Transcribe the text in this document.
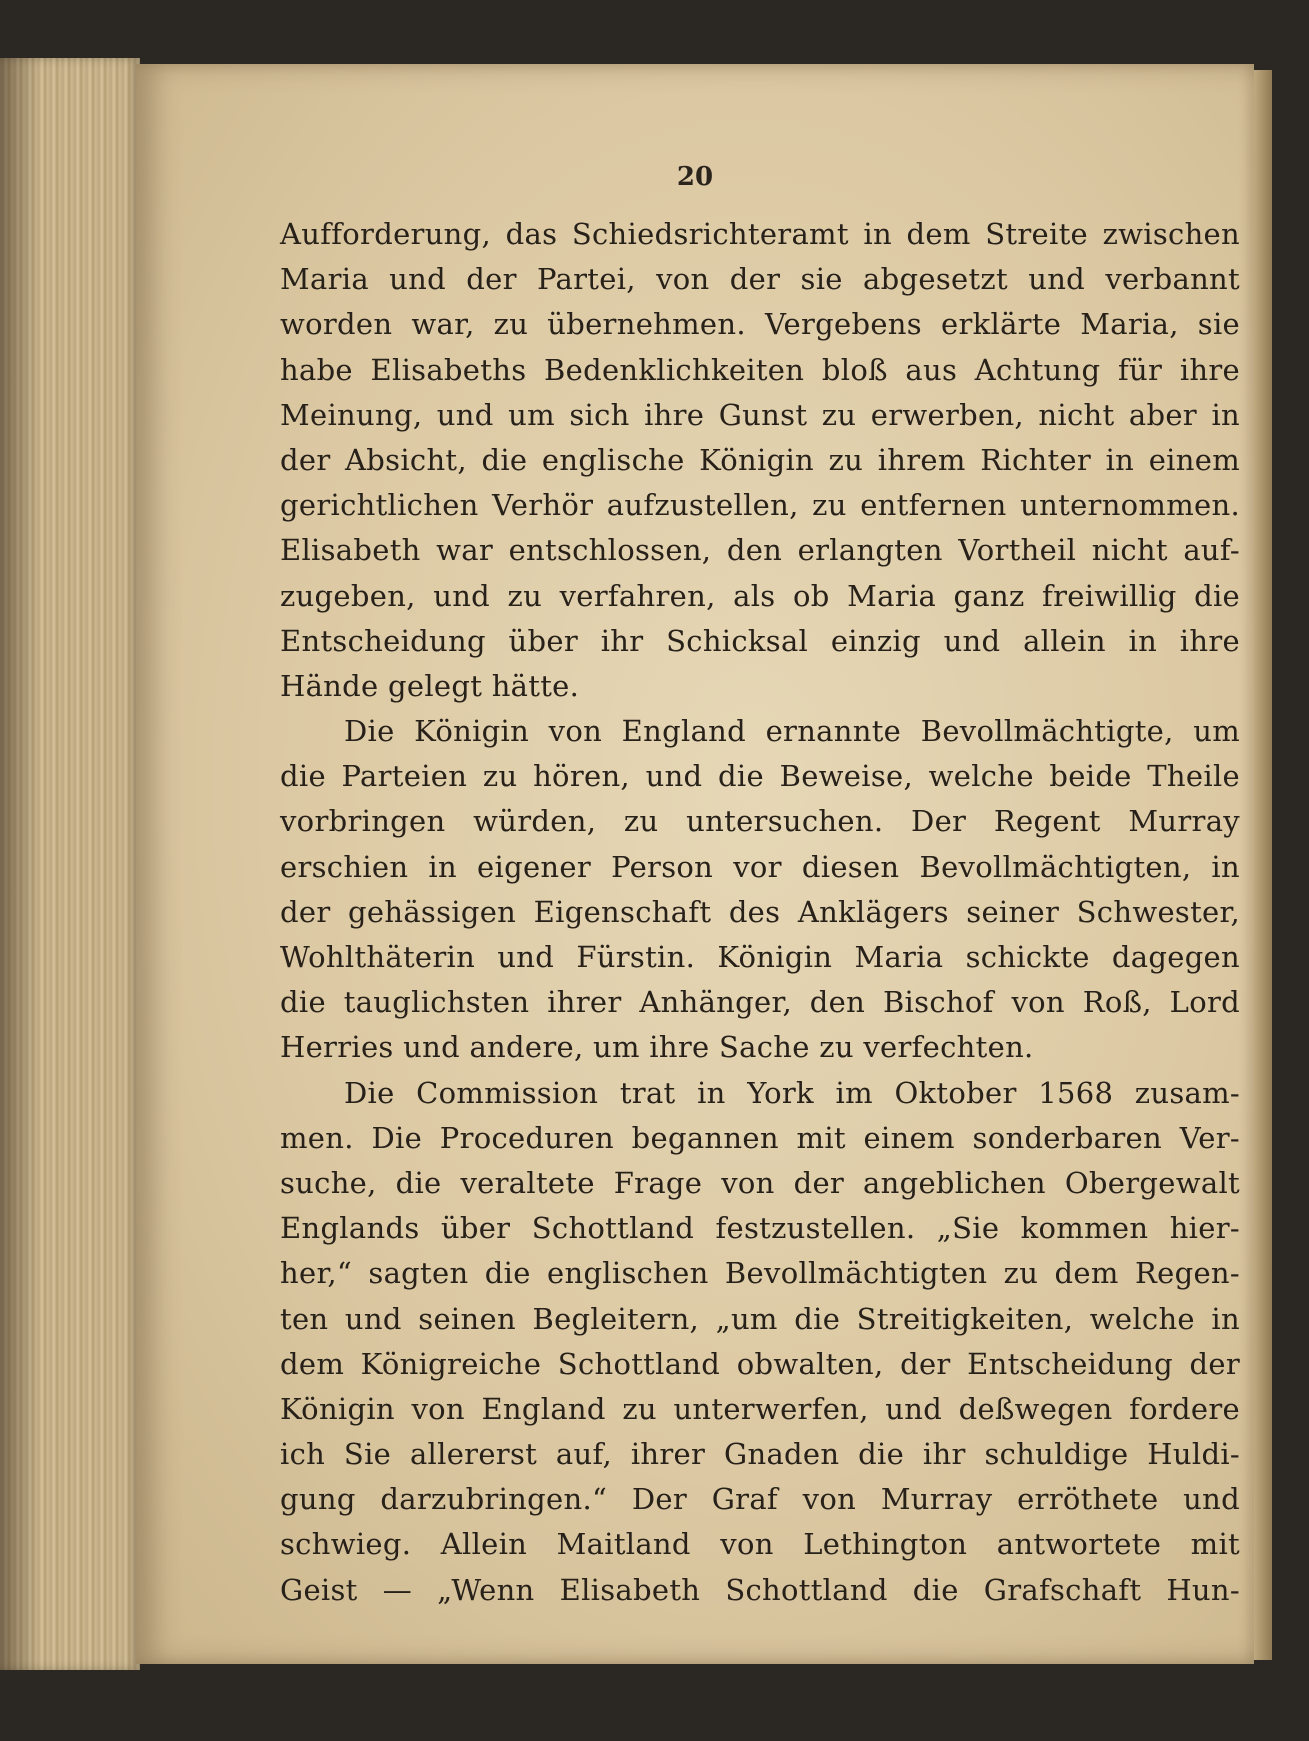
20

Aufforderung, das Schiedsrichteramt in dem Streite zwischen
Maria und der Partei, von der sie abgesetzt und verbannt
worden war, zu übernehmen. Vergebens erklärte Maria, sie
habe Elisabeths Bedenklichkeiten bloß aus Achtung für ihre
Meinung, und um sich ihre Gunst zu erwerben, nicht aber in
der Absicht, die englische Königin zu ihrem Richter in einem
gerichtlichen Verhör aufzustellen, zu entfernen unternommen.
Elisabeth war entschlossen, den erlangten Vortheil nicht auf-
zugeben, und zu verfahren, als ob Maria ganz freiwillig die
Entscheidung über ihr Schicksal einzig und allein in ihre
Hände gelegt hätte.
Die Königin von England ernannte Bevollmächtigte, um
die Parteien zu hören, und die Beweise, welche beide Theile
vorbringen würden, zu untersuchen. Der Regent Murray
erschien in eigener Person vor diesen Bevollmächtigten, in
der gehässigen Eigenschaft des Anklägers seiner Schwester,
Wohlthäterin und Fürstin. Königin Maria schickte dagegen
die tauglichsten ihrer Anhänger, den Bischof von Roß, Lord
Herries und andere, um ihre Sache zu verfechten.
Die Commission trat in York im Oktober 1568 zusam-
men. Die Proceduren begannen mit einem sonderbaren Ver-
suche, die veraltete Frage von der angeblichen Obergewalt
Englands über Schottland festzustellen. „Sie kommen hier-
her,“ sagten die englischen Bevollmächtigten zu dem Regen-
ten und seinen Begleitern, „um die Streitigkeiten, welche in
dem Königreiche Schottland obwalten, der Entscheidung der
Königin von England zu unterwerfen, und deßwegen fordere
ich Sie allererst auf, ihrer Gnaden die ihr schuldige Huldi-
gung darzubringen.“ Der Graf von Murray erröthete und
schwieg. Allein Maitland von Lethington antwortete mit
Geist — „Wenn Elisabeth Schottland die Grafschaft Hun-
